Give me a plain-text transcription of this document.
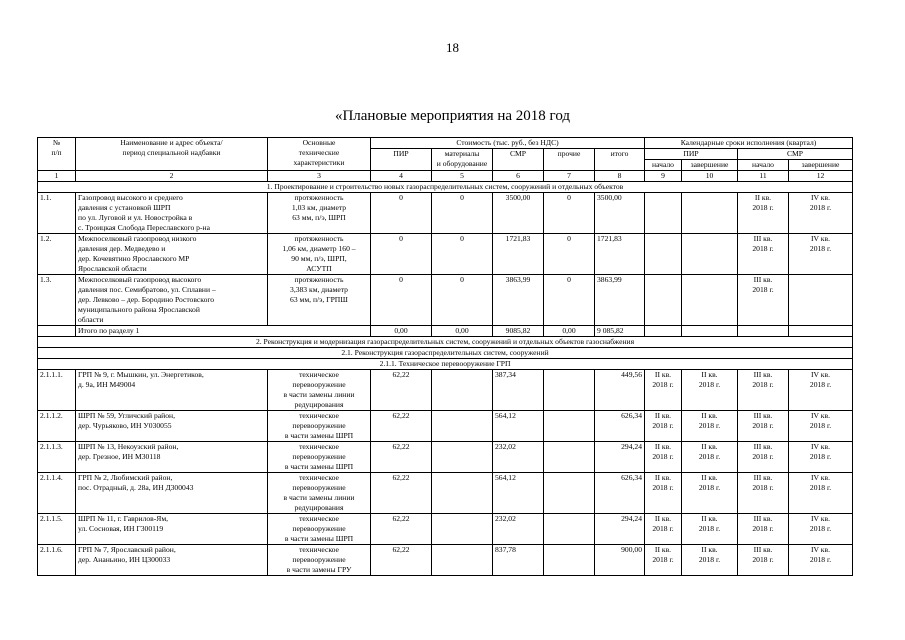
18
«Плановые мероприятия на 2018 год
№
п/п	Наименование и адрес объекта/
период специальной надбавки	Основные
технические
характеристики	Стоимость (тыс. руб., без НДС)					Календарные сроки исполнения (квартал)			
			ПИР	материалы
и оборудование	СМР	прочие	итого	ПИР		СМР	
								начало	завершение	начало	завершение
1	2	3	4	5	6	7	8	9	10	11	12
1. Проектирование и строительство новых газораспределительных систем, сооружений и отдельных объектов											
1.1.	Газопровод высокого и среднего
давления с установкой ШРП
по ул. Луговой и ул. Новостройка в
с. Троицкая Слобода Переславского р-на	протяженность
1,03 км, диаметр
63 мм, п/э, ШРП	0	0	3500,00	0	3500,00			II кв.
2018 г.	IV кв.
2018 г.
1.2.	Межпоселковый газопровод низкого
давления дер. Медведево и
дер. Кочевятино Ярославского МР
Ярославской области	протяженность
1,06 км, диаметр 160 –
90 мм, п/э, ШРП,
АСУТП	0	0	1721,83	0	1721,83			III кв.
2018 г.	IV кв.
2018 г.
1.3.	Межпоселковый газопровод высокого
давления пос. Семибратово, ул. Сплавни –
дер. Левково – дер. Бородино Ростовского
муниципального района Ярославской
области	протяженность
3,383 км, диаметр
63 мм, п/э, ГРПШ	0	0	3863,99	0	3863,99			III кв.
2018 г.	
	Итого по разделу 1		0,00	0,00	9085,82	0,00	9 085,82				
2. Реконструкция и модернизация газораспределительных систем, сооружений и отдельных объектов газоснабжения											
2.1. Реконструкция газораспределительных систем, сооружений											
2.1.1. Техническое перевооружение ГРП											
2.1.1.1.	ГРП № 9, г. Мышкин, ул. Энергетиков,
д. 9а, ИН М49004	техническое
перевооружение
в части замены линии
редуцирования	62,22		387,34		449,56	II кв.
2018 г.	II кв.
2018 г.	III кв.
2018 г.	IV кв.
2018 г.
2.1.1.2.	ШРП № 59, Угличский район,
дер. Чурьяково, ИН У030055	техническое
перевооружение
в части замены ШРП	62,22		564,12		626,34	II кв.
2018 г.	II кв.
2018 г.	III кв.
2018 г.	IV кв.
2018 г.
2.1.1.3.	ШРП № 13, Некоузский район,
дер. Грезное, ИН М30118	техническое
перевооружение
в части замены ШРП	62,22		232,02		294,24	II кв.
2018 г.	II кв.
2018 г.	III кв.
2018 г.	IV кв.
2018 г.
2.1.1.4.	ГРП № 2, Любимский район,
пос. Отрадный, д. 28а, ИН Д300043	техническое
перевооружение
в части замены линии
редуцирования	62,22		564,12		626,34	II кв.
2018 г.	II кв.
2018 г.	III кв.
2018 г.	IV кв.
2018 г.
2.1.1.5.	ШРП № 11, г. Гаврилов-Ям,
ул. Сосновая, ИН Г300119	техническое
перевооружение
в части замены ШРП	62,22		232,02		294,24	II кв.
2018 г.	II кв.
2018 г.	III кв.
2018 г.	IV кв.
2018 г.
2.1.1.6.	ГРП № 7, Ярославский район,
дер. Ананьино, ИН Ц300033	техническое
перевооружение
в части замены ГРУ	62,22		837,78		900,00	II кв.
2018 г.	II кв.
2018 г.	III кв.
2018 г.	IV кв.
2018 г.
